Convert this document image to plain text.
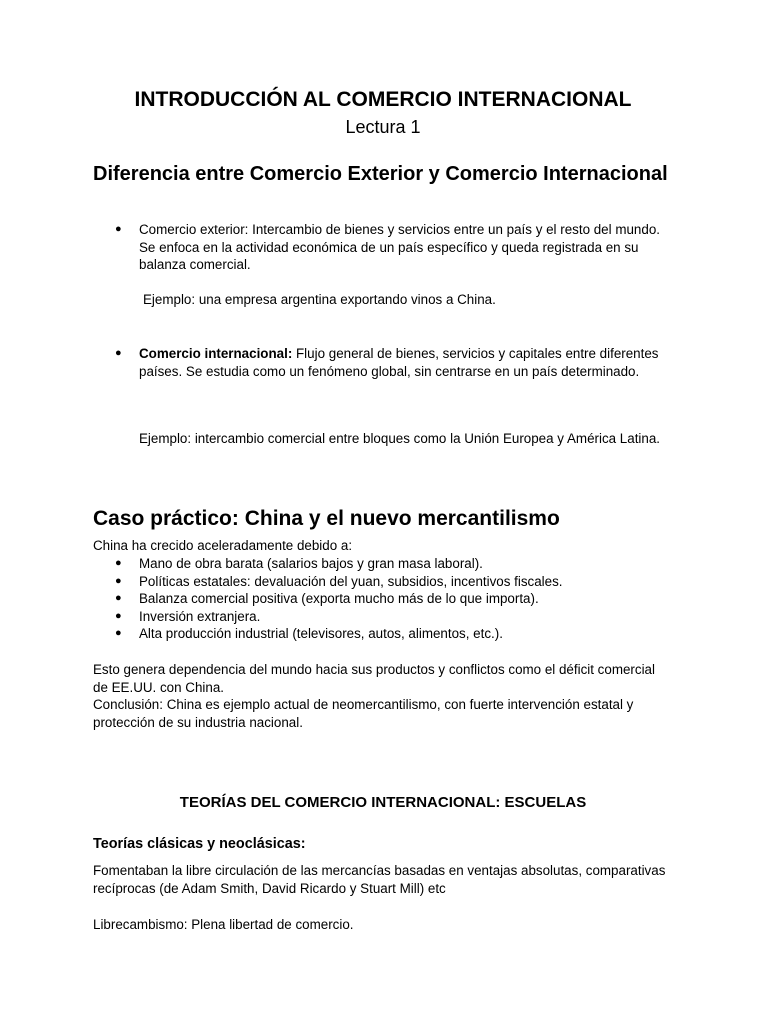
INTRODUCCIÓN AL COMERCIO INTERNACIONAL
Lectura 1
Diferencia entre Comercio Exterior y Comercio Internacional
● Comercio exterior: Intercambio de bienes y servicios entre un país y el resto del mundo. Se enfoca en la actividad económica de un país específico y queda registrada en su balanza comercial.
Ejemplo: una empresa argentina exportando vinos a China.
● Comercio internacional: Flujo general de bienes, servicios y capitales entre diferentes países. Se estudia como un fenómeno global, sin centrarse en un país determinado.
Ejemplo: intercambio comercial entre bloques como la Unión Europea y América Latina.
Caso práctico: China y el nuevo mercantilismo
China ha crecido aceleradamente debido a:
● Mano de obra barata (salarios bajos y gran masa laboral).
● Políticas estatales: devaluación del yuan, subsidios, incentivos fiscales.
● Balanza comercial positiva (exporta mucho más de lo que importa).
● Inversión extranjera.
● Alta producción industrial (televisores, autos, alimentos, etc.).
Esto genera dependencia del mundo hacia sus productos y conflictos como el déficit comercial de EE.UU. con China.
Conclusión: China es ejemplo actual de neomercantilismo, con fuerte intervención estatal y protección de su industria nacional.
TEORÍAS DEL COMERCIO INTERNACIONAL: ESCUELAS
Teorías clásicas y neoclásicas:
Fomentaban la libre circulación de las mercancías basadas en ventajas absolutas, comparativas recíprocas (de Adam Smith, David Ricardo y Stuart Mill) etc
Librecambismo: Plena libertad de comercio.
